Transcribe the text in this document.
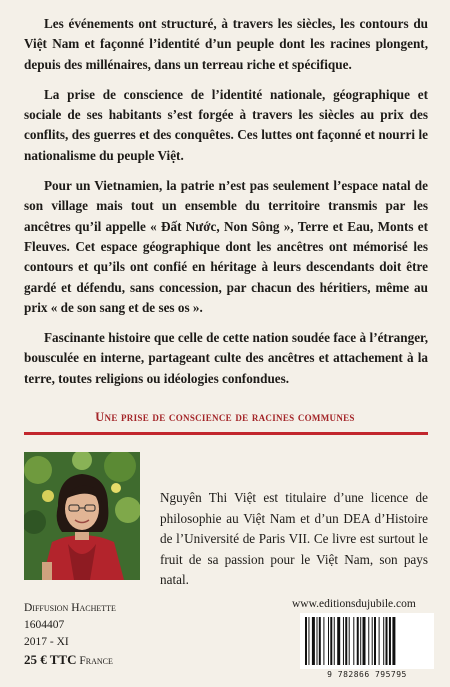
Les événements ont structuré, à travers les siècles, les contours du Việt Nam et façonné l’identité d’un peuple dont les racines plongent, depuis des millénaires, dans un terreau riche et spécifique.

La prise de conscience de l’identité nationale, géographique et sociale de ses habitants s’est forgée à travers les siècles au prix des conflits, des guerres et des conquêtes. Ces luttes ont façonné et nourri le nationalisme du peuple Việt.

Pour un Vietnamien, la patrie n’est pas seulement l’espace natal de son village mais tout un ensemble du territoire transmis par les ancêtres qu’il appelle « Đất Nước, Non Sông », Terre et Eau, Monts et Fleuves. Cet espace géographique dont les ancêtres ont mémorisé les contours et qu’ils ont confié en héritage à leurs descendants doit être gardé et défendu, sans concession, par chacun des héritiers, même au prix « de son sang et de ses os ».

Fascinante histoire que celle de cette nation soudée face à l’étranger, bousculée en interne, partageant culte des ancêtres et attachement à la terre, toutes religions ou idéologies confondues.

Une prise de conscience de racines communes
Nguyên Thi Việt est titulaire d’une licence de philosophie au Việt Nam et d’un DEA d’Histoire de l’Université de Paris VII. Ce livre est surtout le fruit de sa passion pour le Việt Nam, son pays natal.
Diffusion Hachette
1604407
2017 - XI
25 € TTC France
www.editionsdujubile.com
9 782866 795795
